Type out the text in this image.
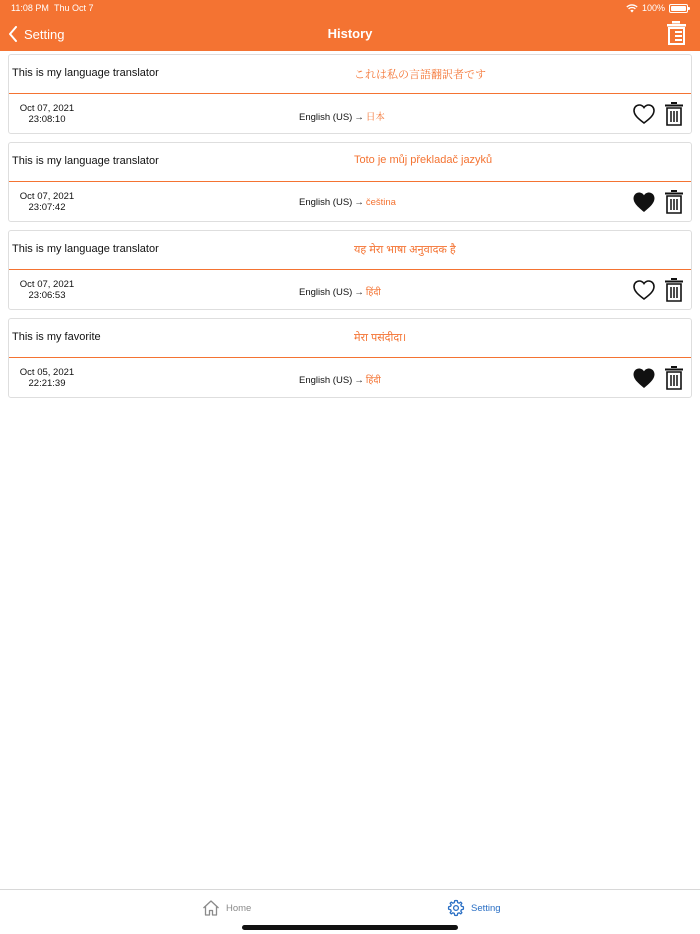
11:08 PM Thu Oct 7	100%
Setting	History
This is my language translator	これは私の言語翻訳者です
Oct 07, 2021
23:08:10	English (US) → 日本
This is my language translator	Toto je můj překladač jazyků
Oct 07, 2021
23:07:42	English (US) → čeština
This is my language translator	यह मेरा भाषा अनुवादक है
Oct 07, 2021
23:06:53	English (US) → हिंदी
This is my favorite	मेरा पसंदीदा।
Oct 05, 2021
22:21:39	English (US) → हिंदी
Home	Setting
